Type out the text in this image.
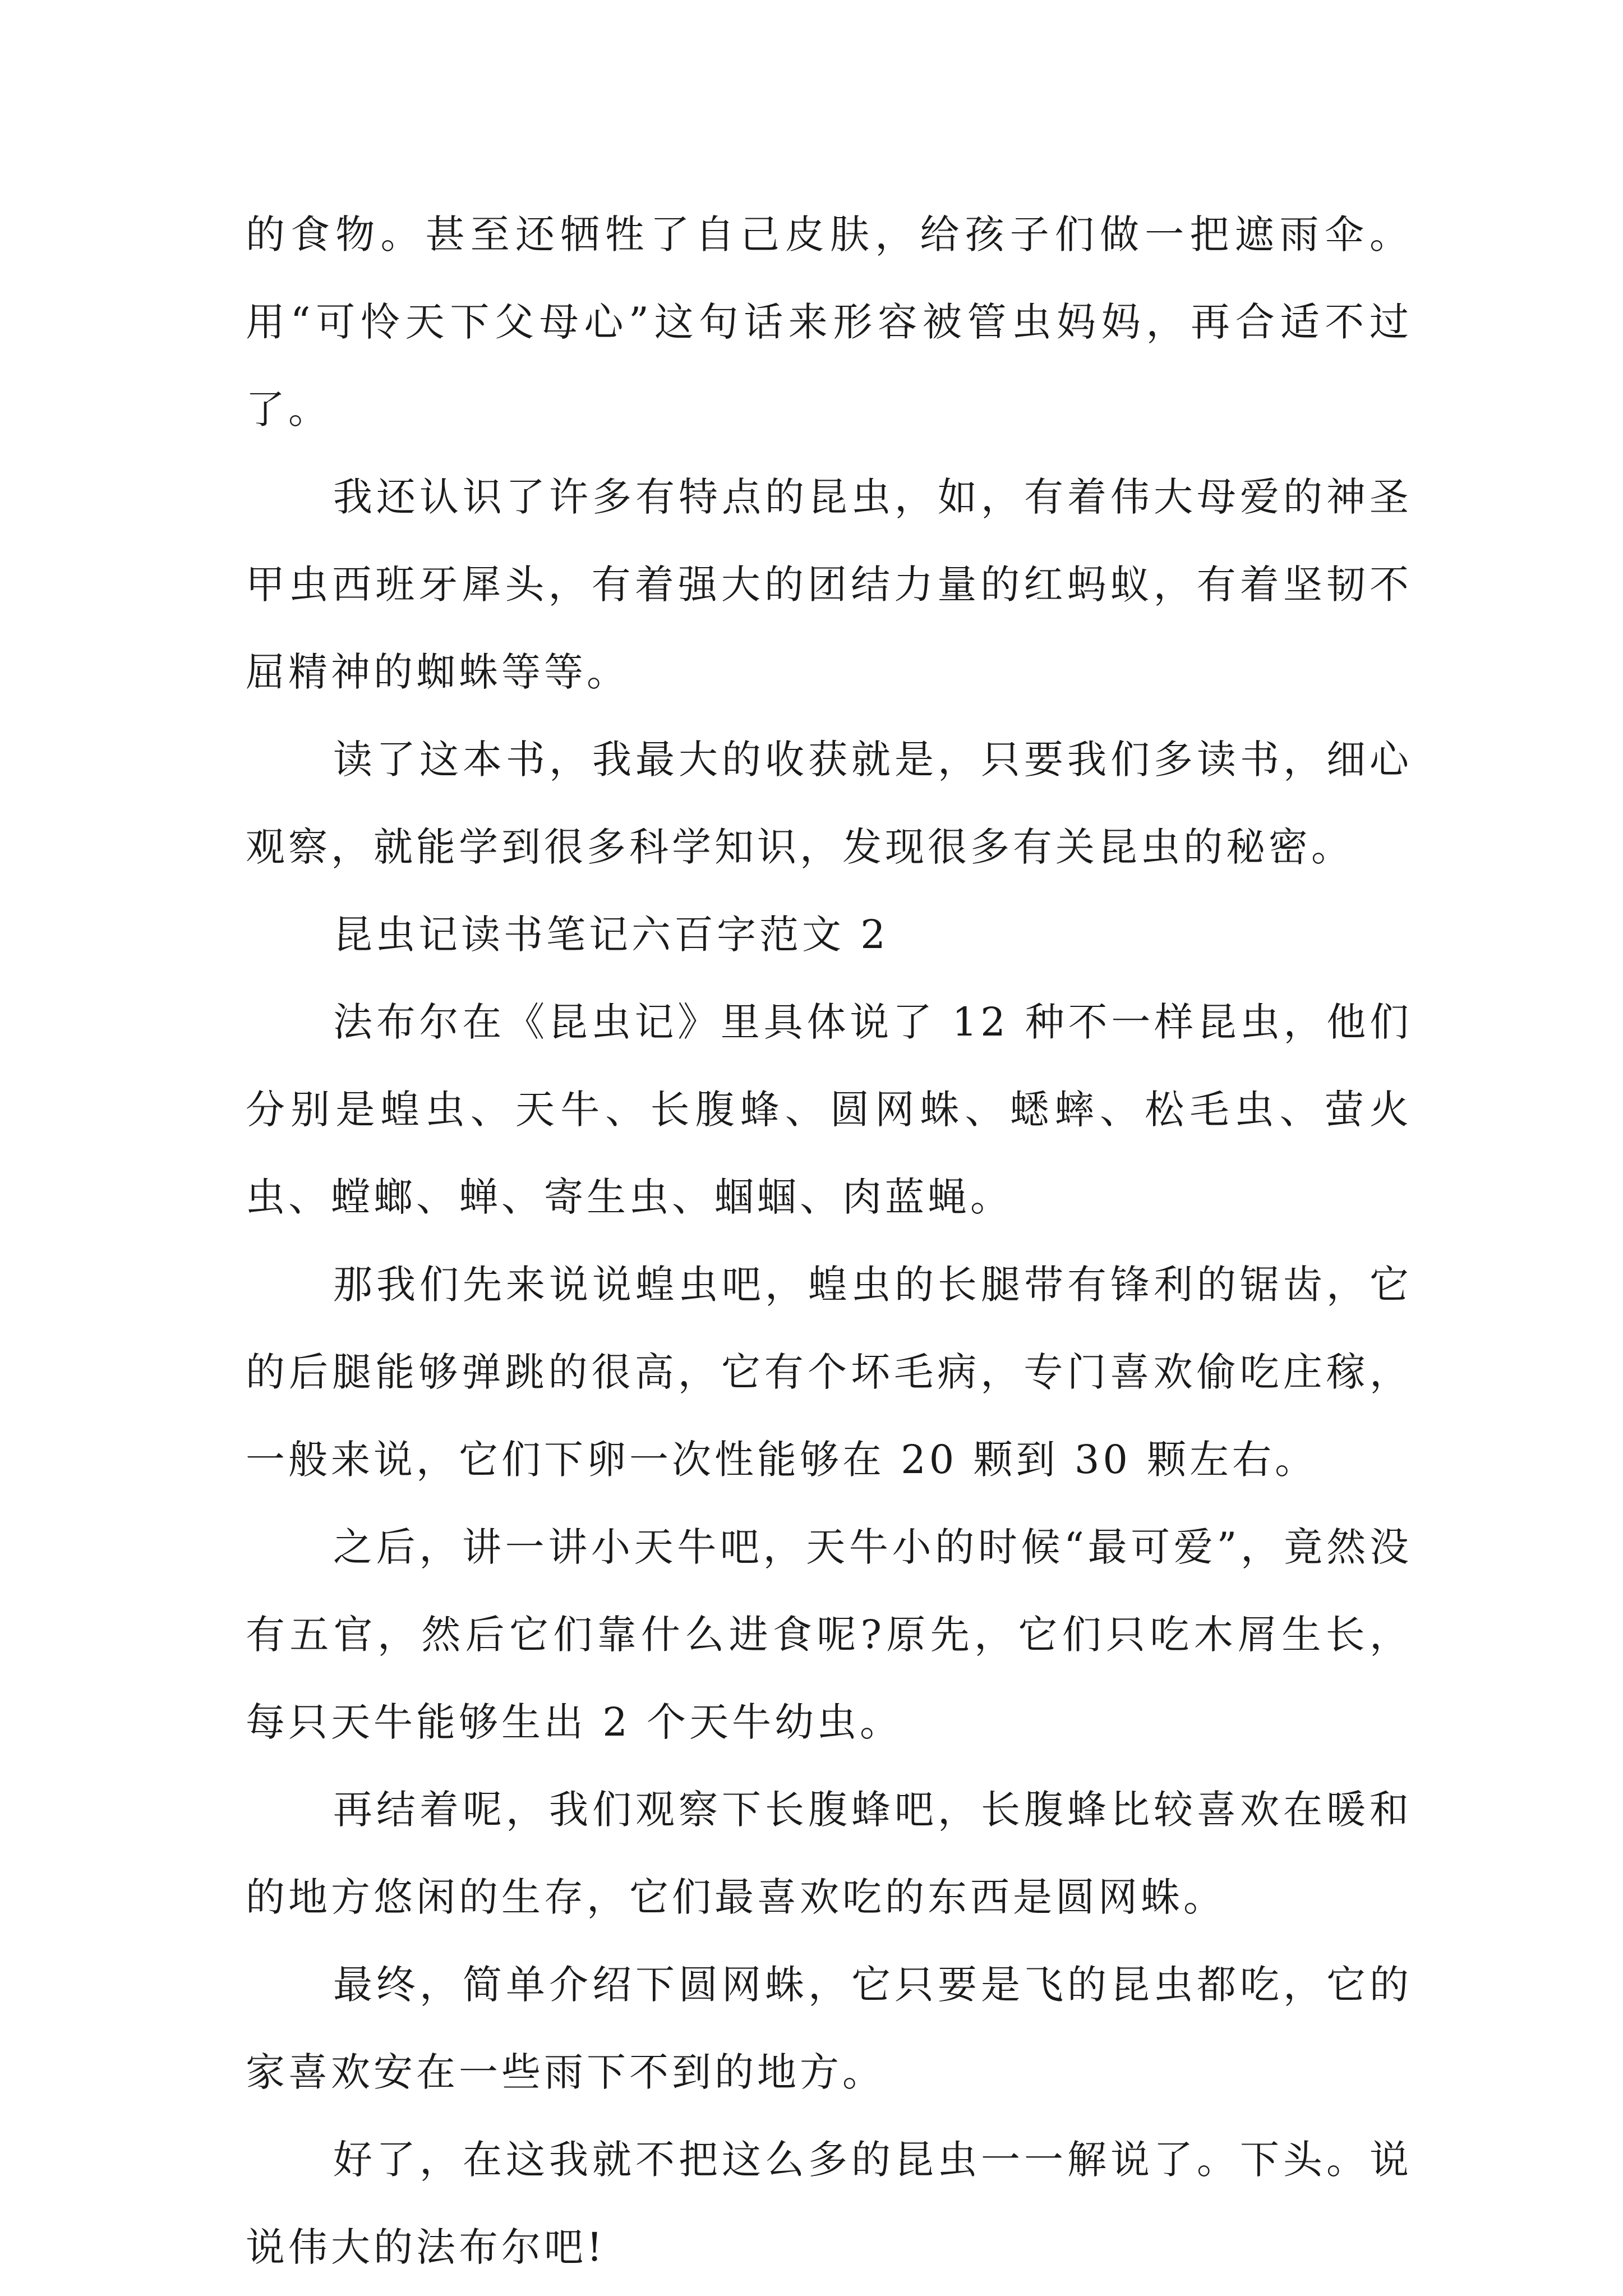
的食物。甚至还牺牲了自己皮肤，给孩子们做一把遮雨伞。用“可怜天下父母心”这句话来形容被管虫妈妈，再合适不过了。

我还认识了许多有特点的昆虫，如，有着伟大母爱的神圣甲虫西班牙犀头，有着强大的团结力量的红蚂蚁，有着坚韧不屈精神的蜘蛛等等。

读了这本书，我最大的收获就是，只要我们多读书，细心观察，就能学到很多科学知识，发现很多有关昆虫的秘密。

昆虫记读书笔记六百字范文 2

法布尔在《昆虫记》里具体说了 12 种不一样昆虫，他们分别是蝗虫、天牛、长腹蜂、圆网蛛、蟋蟀、松毛虫、萤火虫、螳螂、蝉、寄生虫、蝈蝈、肉蓝蝇。

那我们先来说说蝗虫吧，蝗虫的长腿带有锋利的锯齿，它的后腿能够弹跳的很高，它有个坏毛病，专门喜欢偷吃庄稼，一般来说，它们下卵一次性能够在 20 颗到 30 颗左右。

之后，讲一讲小天牛吧，天牛小的时候“最可爱”，竟然没有五官，然后它们靠什么进食呢?原先，它们只吃木屑生长，每只天牛能够生出 2 个天牛幼虫。

再结着呢，我们观察下长腹蜂吧，长腹蜂比较喜欢在暖和的地方悠闲的生存，它们最喜欢吃的东西是圆网蛛。

最终，简单介绍下圆网蛛，它只要是飞的昆虫都吃，它的家喜欢安在一些雨下不到的地方。

好了，在这我就不把这么多的昆虫一一解说了。下头。说说伟大的法布尔吧!
